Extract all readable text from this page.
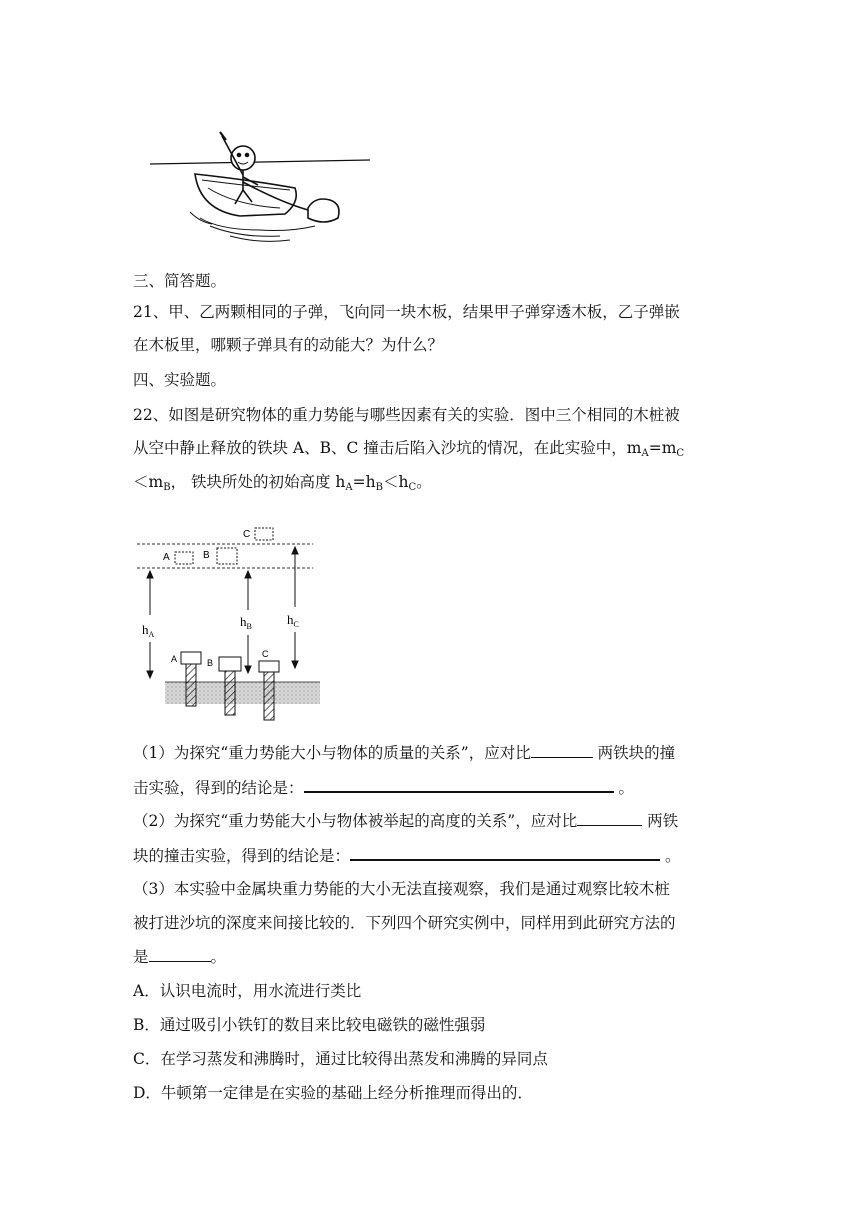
三、简答题。
21、甲、乙两颗相同的子弹，飞向同一块木板，结果甲子弹穿透木板，乙子弹嵌
在木板里，哪颗子弹具有的动能大？为什么？
四、实验题。
22、如图是研究物体的重力势能与哪些因素有关的实验．图中三个相同的木桩被
从空中静止释放的铁块 A、B、C 撞击后陷入沙坑的情况，在此实验中，$m_A=m_C$
$<m_B$， 铁块所处的初始高度 $h_A=h_B<h_C$。
C
A	B
$h_A$
$h_B$	$h_C$
A	B
C
（1）为探究“重力势能大小与物体的质量的关系”，应对比	两铁块的撞
击实验，得到的结论是：	。
（2）为探究“重力势能大小与物体被举起的高度的关系”，应对比	两铁
块的撞击实验，得到的结论是：	。
（3）本实验中金属块重力势能的大小无法直接观察，我们是通过观察比较木桩
被打进沙坑的深度来间接比较的．下列四个研究实例中，同样用到此研究方法的
是	。
A．认识电流时，用水流进行类比
B．通过吸引小铁钉的数目来比较电磁铁的磁性强弱
C．在学习蒸发和沸腾时，通过比较得出蒸发和沸腾的异同点
D．牛顿第一定律是在实验的基础上经分析推理而得出的．
